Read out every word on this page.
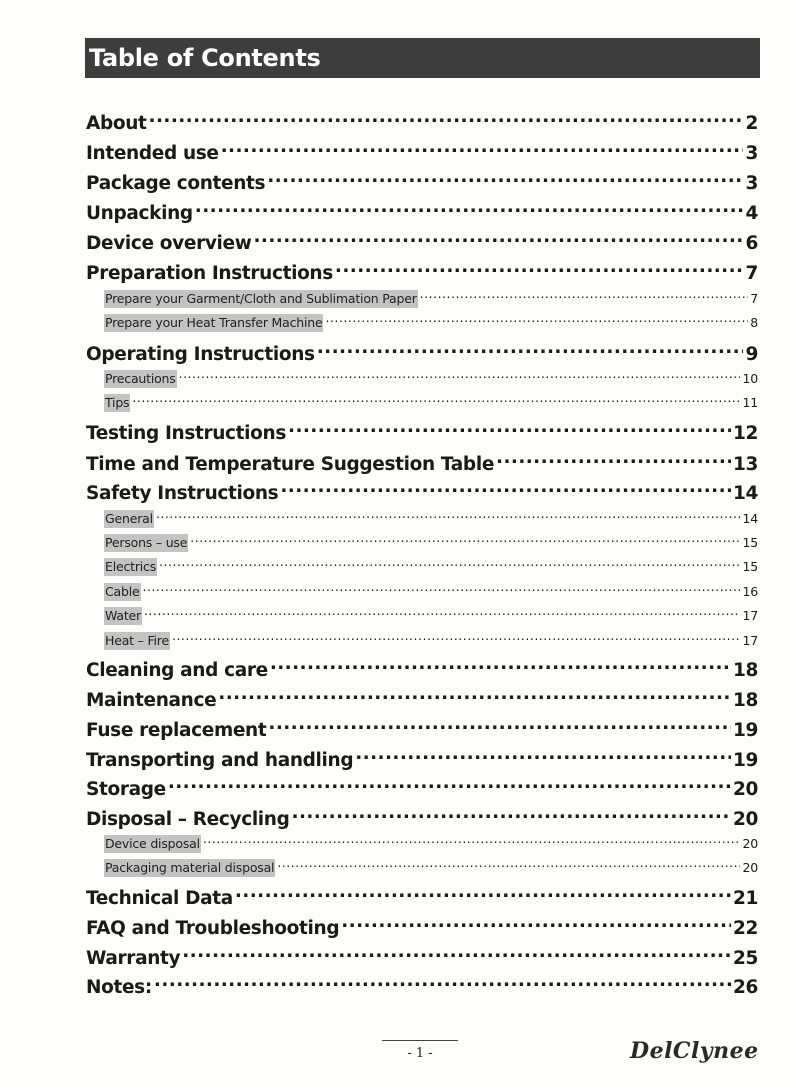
Table of Contents
About .....	2
Intended use .....	3
Package contents .....	3
Unpacking .....	4
Device overview .....	6
Preparation Instructions .....	7
Prepare your Garment/Cloth and Sublimation Paper .....	7
Prepare your Heat Transfer Machine .....	8
Operating Instructions .....	9
Precautions .....	10
Tips .....	11
Testing Instructions .....	12
Time and Temperature Suggestion Table .....	13
Safety Instructions .....	14
General .....	14
Persons – use .....	15
Electrics .....	15
Cable .....	16
Water .....	17
Heat – Fire .....	17
Cleaning and care .....	18
Maintenance .....	18
Fuse replacement .....	19
Transporting and handling .....	19
Storage .....	20
Disposal – Recycling .....	20
Device disposal .....	20
Packaging material disposal .....	20
Technical Data .....	21
FAQ and Troubleshooting .....	22
Warranty .....	25
Notes: .....	26
- 1 -	DelClynee
